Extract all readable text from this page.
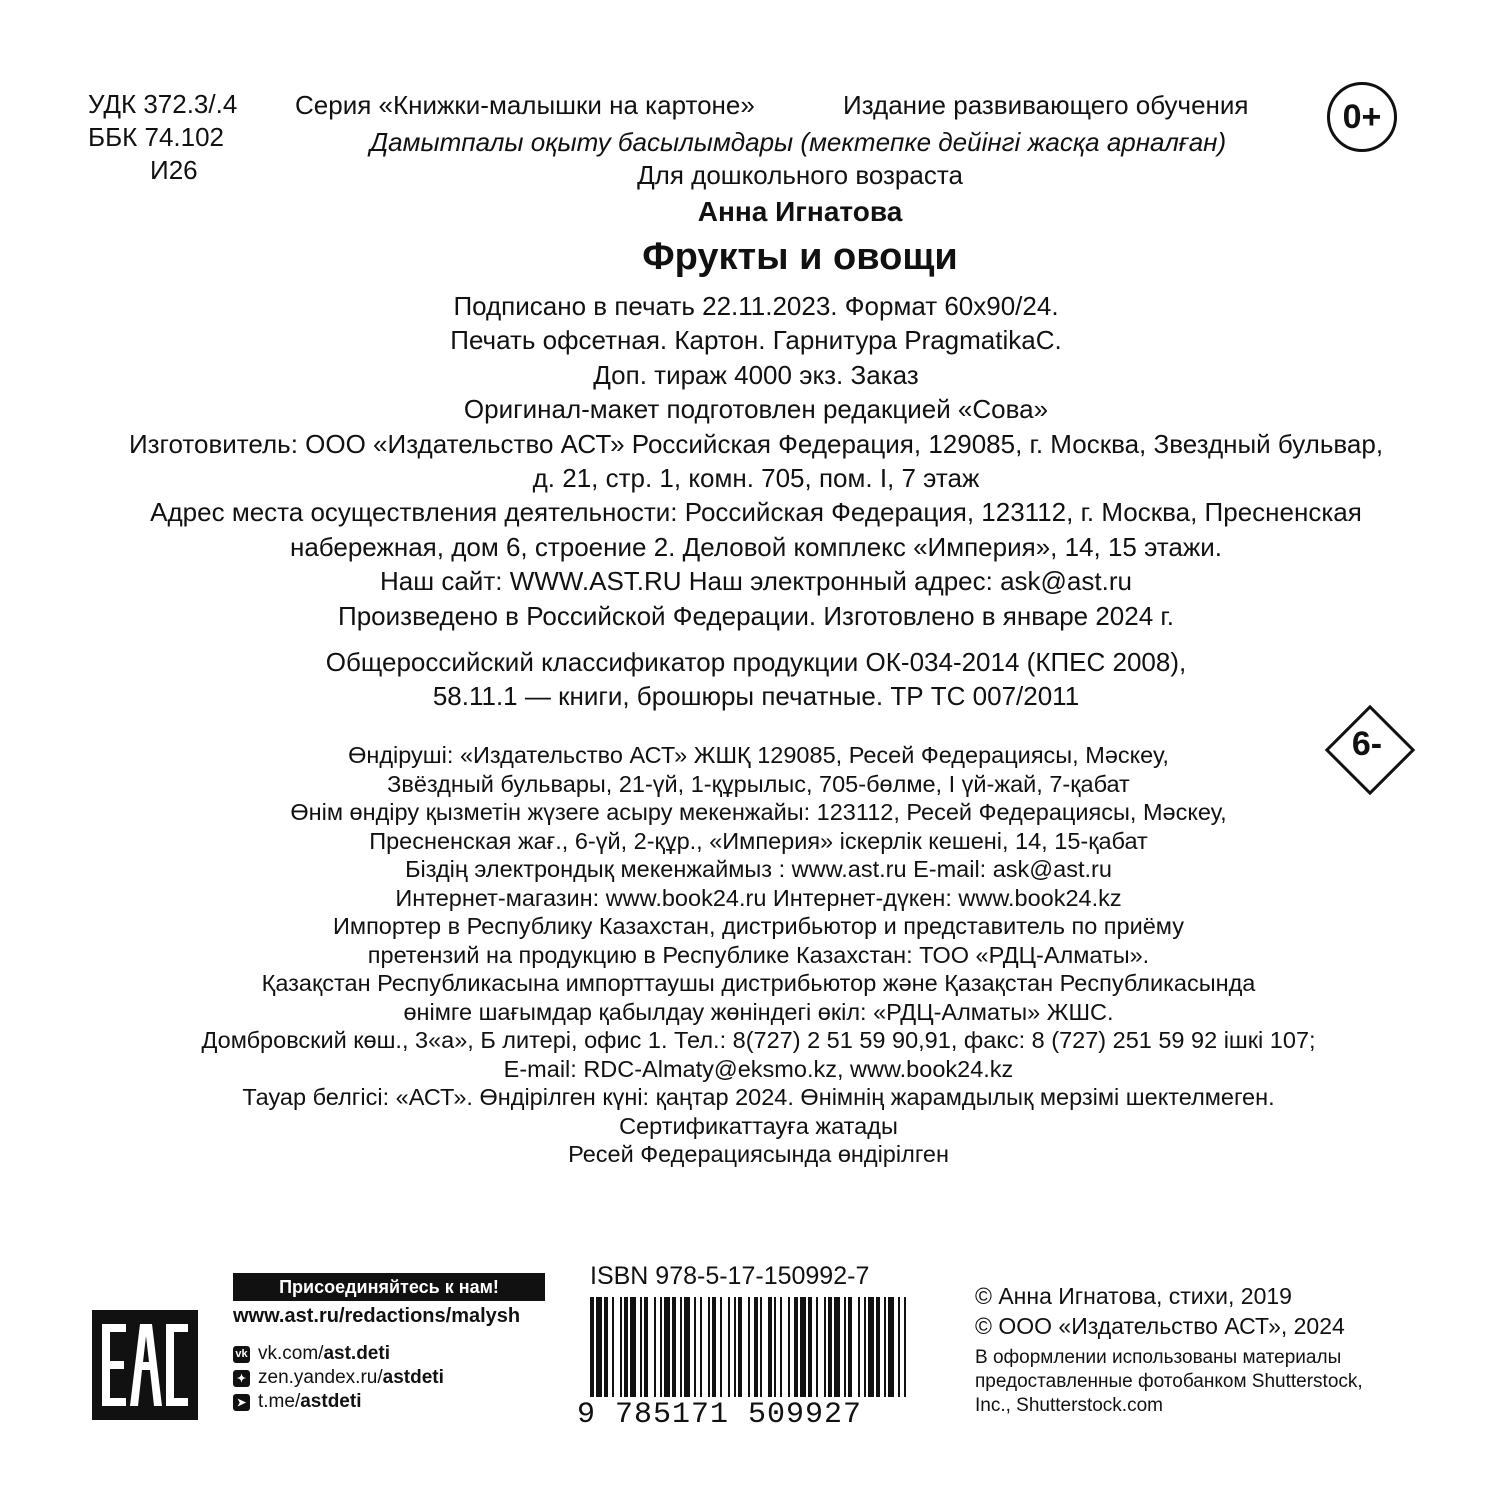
УДК 372.3/.4
ББК 74.102
И26
Серия «Книжки-малышки на картоне»	Издание развивающего обучения	0+
Дамытпалы оқыту басылымдары (мектепке дейінгі жасқа арналған)
Для дошкольного возраста
Анна Игнатова
Фрукты и овощи
Подписано в печать 22.11.2023. Формат 60x90/24.
Печать офсетная. Картон. Гарнитура PragmatikaC.
Доп. тираж 4000 экз. Заказ
Оригинал-макет подготовлен редакцией «Сова»
Изготовитель: ООО «Издательство АСТ» Российская Федерация, 129085, г. Москва, Звездный бульвар,
д. 21, стр. 1, комн. 705, пом. I, 7 этаж
Адрес места осуществления деятельности: Российская Федерация, 123112, г. Москва, Пресненская
набережная, дом 6, строение 2. Деловой комплекс «Империя», 14, 15 этажи.
Наш сайт: WWW.AST.RU Наш электронный адрес: ask@ast.ru
Произведено в Российской Федерации. Изготовлено в январе 2024 г.
Общероссийский классификатор продукции ОК-034-2014 (КПЕС 2008),
58.11.1 — книги, брошюры печатные. ТР ТС 007/2011
6-
Өндіруші: «Издательство АСТ» ЖШҚ 129085, Ресей Федерациясы, Мәскеу,
Звёздный бульвары, 21-үй, 1-құрылыс, 705-бөлме, I үй-жай, 7-қабат
Өнім өндіру қызметін жүзеге асыру мекенжайы: 123112, Ресей Федерациясы, Мәскеу,
Пресненская жағ., 6-үй, 2-құр., «Империя» іскерлік кешені, 14, 15-қабат
Біздің электрондық мекенжаймыз : www.ast.ru E-mail: ask@ast.ru
Интернет-магазин: www.book24.ru Интернет-дүкен: www.book24.kz
Импортер в Республику Казахстан, дистрибьютор и представитель по приёму
претензий на продукцию в Республике Казахстан: ТОО «РДЦ-Алматы».
Қазақстан Республикасына импорттаушы дистрибьютор және Қазақстан Республикасында
өнімге шағымдар қабылдау жөніндегі өкіл: «РДЦ-Алматы» ЖШС.
Домбровский көш., 3«а», Б литері, офис 1. Тел.: 8(727) 2 51 59 90,91, факс: 8 (727) 251 59 92 ішкі 107;
E-mail: RDC-Almaty@eksmo.kz, www.book24.kz
Тауар белгісі: «АСТ». Өндірілген күні: қаңтар 2024. Өнімнің жарамдылық мерзімі шектелмеген.
Сертификаттауға жатады
Ресей Федерациясында өндірілген
Присоединяйтесь к нам!
www.ast.ru/redactions/malysh
vk vk.com/ ast.deti
✦ zen.yandex.ru/ astdeti
➤ t.me/ astdeti
ISBN 978-5-17-150992-7
9 785171 509927
© Анна Игнатова, стихи, 2019
© ООО «Издательство АСТ», 2024
В оформлении использованы материалы
предоставленные фотобанком Shutterstock,
Inc., Shutterstock.com
